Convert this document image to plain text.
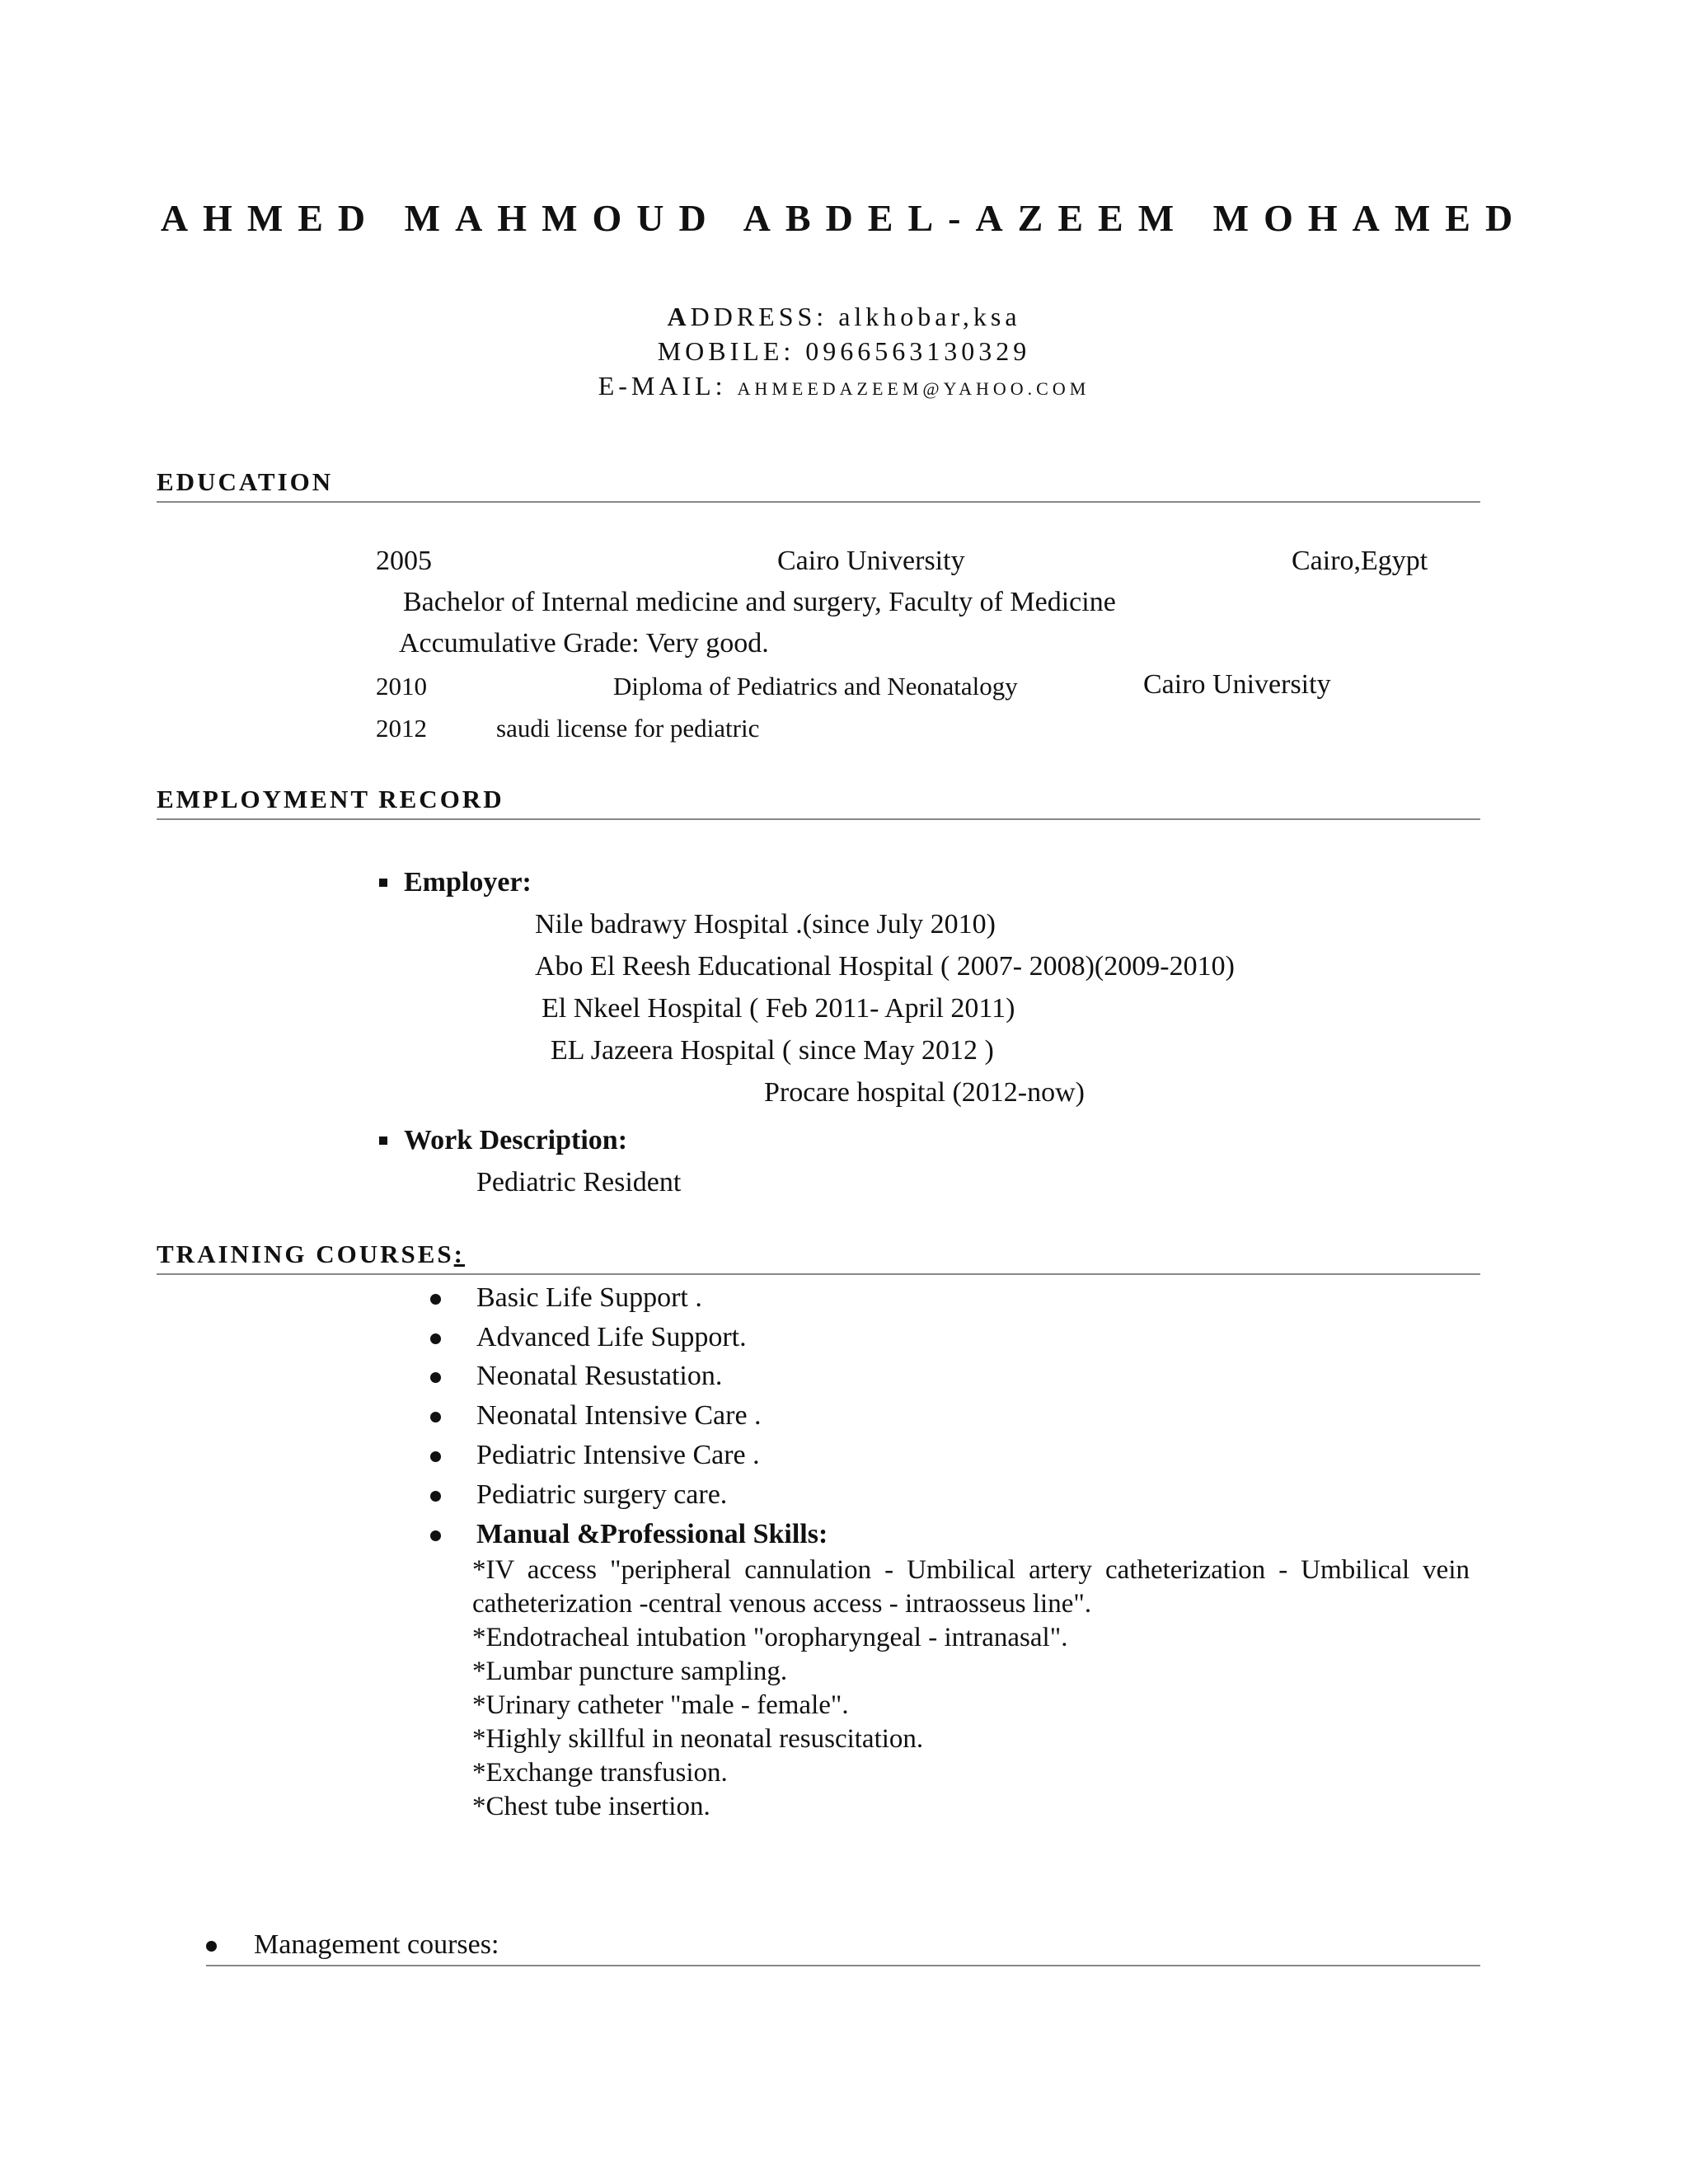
AHMED MAHMOUD ABDEL-AZEEM MOHAMED
ADDRESS: alkhobar,ksa
MOBILE: 0966563130329
E-MAIL: AHMEEDAZEEM@YAHOO.COM
EDUCATION
2005	Cairo University	Cairo,Egypt
Bachelor of Internal medicine and surgery, Faculty of Medicine
Accumulative Grade: Very good.
2010	Diploma of Pediatrics and Neonatalogy	Cairo University
2012	saudi license for pediatric
EMPLOYMENT RECORD
Employer:
Nile badrawy Hospital .(since July 2010)
Abo El Reesh Educational Hospital ( 2007- 2008)(2009-2010)
El Nkeel Hospital ( Feb 2011- April 2011)
EL Jazeera Hospital ( since May 2012 )
Procare hospital (2012-now)
Work Description:
Pediatric Resident
TRAINING COURSES:
Basic Life Support .
Advanced Life Support.
Neonatal Resustation.
Neonatal Intensive Care .
Pediatric Intensive Care .
Pediatric surgery care.
Manual &Professional Skills:

*IV access "peripheral cannulation - Umbilical artery catheterization - Umbilical vein catheterization -central venous access - intraosseus line".

*Endotracheal intubation "oropharyngeal - intranasal".

*Lumbar puncture sampling.

*Urinary catheter "male - female".

*Highly skillful in neonatal resuscitation.

*Exchange transfusion.

*Chest tube insertion.

Management courses:
